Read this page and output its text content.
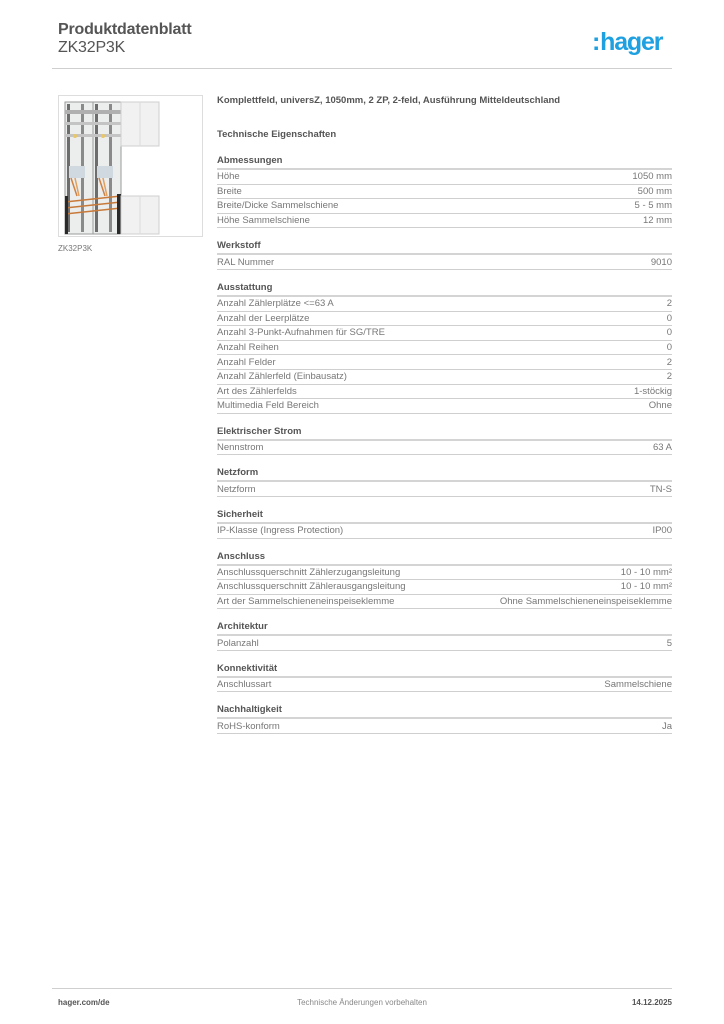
Produktdatenblatt
ZK32P3K	:hager
ZK32P3K
Komplettfeld, universZ, 1050mm, 2 ZP, 2-feld, Ausführung Mitteldeutschland
Technische Eigenschaften
Abmessungen
Höhe	1050 mm
Breite	500 mm
Breite/Dicke Sammelschiene	5 - 5 mm
Höhe Sammelschiene	12 mm
Werkstoff
RAL Nummer	9010
Ausstattung
Anzahl Zählerplätze <=63 A	2
Anzahl der Leerplätze	0
Anzahl 3-Punkt-Aufnahmen für SG/TRE	0
Anzahl Reihen	0
Anzahl Felder	2
Anzahl Zählerfeld (Einbausatz)	2
Art des Zählerfelds	1-stöckig
Multimedia Feld Bereich	Ohne
Elektrischer Strom
Nennstrom	63 A
Netzform
Netzform	TN-S
Sicherheit
IP-Klasse (Ingress Protection)	IP00
Anschluss
Anschlussquerschnitt Zählerzugangsleitung	10 - 10 mm²
Anschlussquerschnitt Zählerausgangsleitung	10 - 10 mm²
Art der Sammelschieneneinspeiseklemme	Ohne Sammelschieneneinspeiseklemme
Architektur
Polanzahl	5
Konnektivität
Anschlussart	Sammelschiene
Nachhaltigkeit
RoHS-konform	Ja
hager.com/de	Technische Änderungen vorbehalten	14.12.2025
